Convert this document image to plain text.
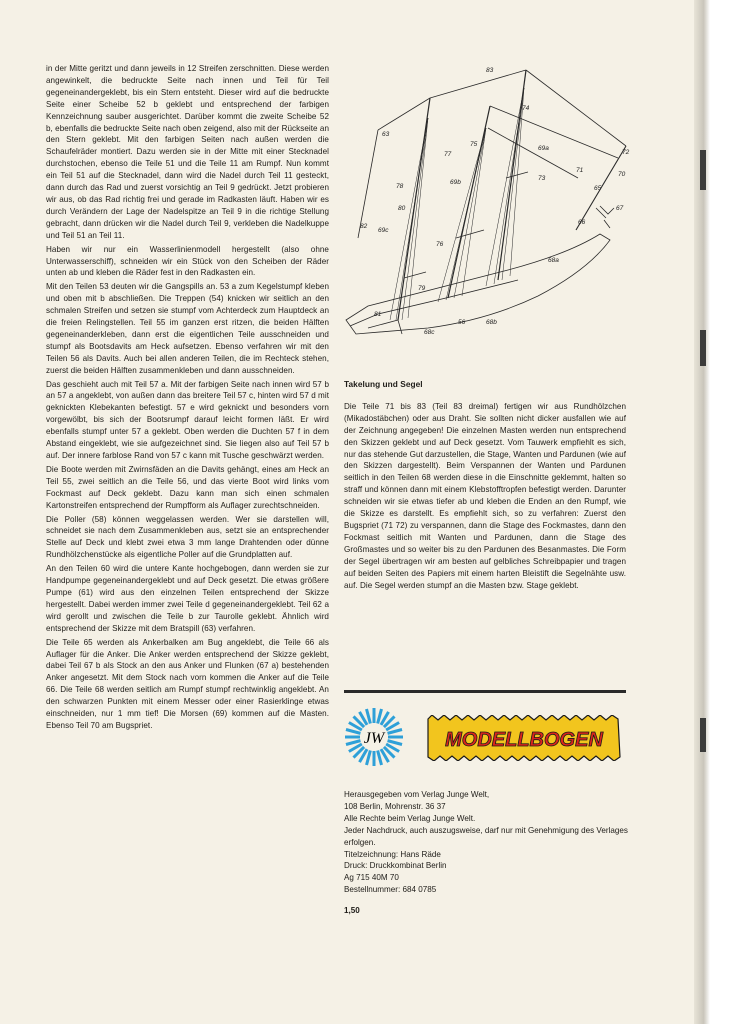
in der Mitte geritzt und dann jeweils in 12 Streifen zerschnitten. Diese werden angewinkelt, die bedruckte Seite nach innen und Teil für Teil gegeneinandergeklebt, bis ein Stern entsteht. Dieser wird auf die bedruckte Seite einer Scheibe 52 b geklebt und entsprechend der farbigen Kennzeichnung sauber ausgerichtet. Darüber kommt die zweite Scheibe 52 b, ebenfalls die bedruckte Seite nach oben zeigend, also mit der Rückseite an den Stern geklebt. Mit den farbigen Seiten nach außen werden die Schaufelräder montiert. Dazu werden sie in der Mitte mit einer Stecknadel durchstochen, ebenso die Teile 51 und die Teile 11 am Rumpf. Nun kommt ein Teil 51 auf die Stecknadel, dann wird die Nadel durch Teil 11 gesteckt, dann durch das Rad und zuerst vorsichtig an Teil 9 gedrückt. Jetzt probieren wir aus, ob das Rad richtig frei und gerade im Radkasten läuft. Haben wir es durch Verändern der Lage der Nadelspitze an Teil 9 in die richtige Stellung gebracht, dann drücken wir die Nadel durch Teil 9, verkleben die Nadelkuppe und Teil 51 an Teil 11.

Haben wir nur ein Wasserlinienmodell hergestellt (also ohne Unterwasserschiff), schneiden wir ein Stück von den Scheiben der Räder unten ab und kleben die Räder fest in den Radkasten ein.

Mit den Teilen 53 deuten wir die Gangspills an. 53 a zum Kegelstumpf kleben und oben mit b abschließen. Die Treppen (54) knicken wir seitlich an den schmalen Streifen und setzen sie stumpf vom Achterdeck zum Hauptdeck an die freien Relingstellen. Teil 55 im ganzen erst ritzen, die beiden Hälften gegeneinanderkleben, dann erst die eigentlichen Teile ausschneiden und stumpf als Bootsdavits am Heck aufsetzen. Ebenso verfahren wir mit den Teilen 56 als Davits. Auch bei allen anderen Teilen, die im Rechteck stehen, zuerst die beiden Hälften zusammenkleben und dann ausschneiden.

Das geschieht auch mit Teil 57 a. Mit der farbigen Seite nach innen wird 57 b an 57 a angeklebt, von außen dann das breitere Teil 57 c, hinten wird 57 d mit geknickten Klebekanten befestigt. 57 e wird geknickt und besonders vorn vorgewölbt, bis sich der Bootsrumpf darauf leicht formen läßt. Er wird ebenfalls stumpf unter 57 a geklebt. Oben werden die Duchten 57 f in dem Abstand eingeklebt, wie sie aufgezeichnet sind. Sie liegen also auf Teil 57 b auf. Der innere farblose Rand von 57 c kann mit Tusche geschwärzt werden.

Die Boote werden mit Zwirnsfäden an die Davits gehängt, eines am Heck an Teil 55, zwei seitlich an die Teile 56, und das vierte Boot wird links vom Fockmast auf Deck geklebt. Dazu kann man sich einen schmalen Kartonstreifen entsprechend der Rumpfform als Auflager zurechtschneiden.

Die Poller (58) können weggelassen werden. Wer sie darstellen will, schneidet sie nach dem Zusammenkleben aus, setzt sie an entsprechender Stelle auf Deck und klebt zwei etwa 3 mm lange Drahtenden oder dünne Rundhölzchenstücke als eigentliche Poller auf die Grundplatten auf.

An den Teilen 60 wird die untere Kante hochgebogen, dann werden sie zur Handpumpe gegeneinandergeklebt und auf Deck gesetzt. Die etwas größere Pumpe (61) wird aus den einzelnen Teilen entsprechend der Skizze hergestellt. Dabei werden immer zwei Teile d gegeneinandergeklebt. Teil 62 a wird gerollt und zwischen die Teile b zur Taurolle geklebt. Ähnlich wird entsprechend der Skizze mit dem Bratspill (63) verfahren.

Die Teile 65 werden als Ankerbalken am Bug angeklebt, die Teile 66 als Auflager für die Anker. Die Anker werden entsprechend der Skizze geklebt, dabei Teil 67 b als Stock an den aus Anker und Flunken (67 a) bestehenden Anker angesetzt. Mit dem Stock nach vorn kommen die Anker auf die Teile 66. Die Teile 68 werden seitlich am Rumpf stumpf rechtwinklig angeklebt. An den schwarzen Punkten mit einem Messer oder einer Rasierklinge etwas einschneiden, nur 1 mm tief! Die Morsen (69) kommen auf die Masten. Ebenso Teil 70 am Bugspriet.

83
74
63
77
75
69a
72
73
71
70
78
69b
65
67
80
82
69c
76
66
68a
79
81
68c
56	68b
Takelung und Segel

Die Teile 71 bis 83 (Teil 83 dreimal) fertigen wir aus Rundhölzchen (Mikadostäbchen) oder aus Draht. Sie sollten nicht dicker ausfallen wie auf der Zeichnung angegeben! Die einzelnen Masten werden nun entsprechend den Skizzen geklebt und auf Deck gesetzt. Vom Tauwerk empfiehlt es sich, nur das stehende Gut darzustellen, die Stage, Wanten und Pardunen (wie auf den Skizzen dargestellt). Beim Verspannen der Wanten und Pardunen seitlich in den Teilen 68 werden diese in die Einschnitte geklemmt, halten so straff und können dann mit einem Klebstofftropfen befestigt werden. Darunter schneiden wir sie etwas tiefer ab und kleben die Enden an den Rumpf, wie die Skizze es darstellt. Es empfiehlt sich, so zu verfahren: Zuerst den Bugspriet (71 72) zu verspannen, dann die Stage des Fockmastes, dann den Fockmast seitlich mit Wanten und Pardunen, dann die Stage des Großmastes und so weiter bis zu den Pardunen des Besanmastes. Die Form der Segel übertragen wir am besten auf gelbliches Schreibpapier und tragen auf beiden Seiten des Papiers mit einem harten Bleistift die Segelnähte usw. auf. Die Segel werden stumpf an die Masten bzw. Stage geklebt.

JW	MODELLBOGEN
Herausgegeben vom Verlag Junge Welt,
108 Berlin, Mohrenstr. 36 37
Alle Rechte beim Verlag Junge Welt.
Jeder Nachdruck, auch auszugsweise, darf nur mit Genehmigung des Verlages erfolgen.
Titelzeichnung: Hans Räde
Druck: Druckkombinat Berlin
Ag 715 40M 70
Bestellnummer: 684 0785
1,50
